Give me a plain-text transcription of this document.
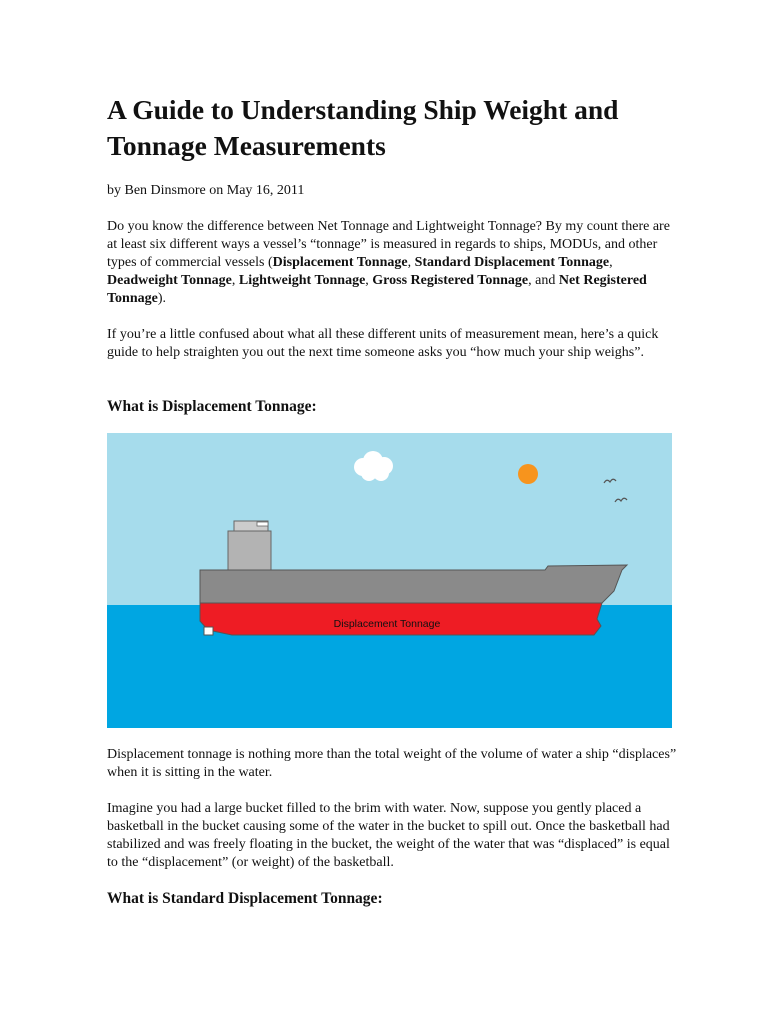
A Guide to Understanding Ship Weight and Tonnage Measurements
by Ben Dinsmore on May 16, 2011

Do you know the difference between Net Tonnage and Lightweight Tonnage? By my count there are at least six different ways a vessel’s “tonnage” is measured in regards to ships, MODUs, and other types of commercial vessels (Displacement Tonnage, Standard Displacement Tonnage, Deadweight Tonnage, Lightweight Tonnage, Gross Registered Tonnage, and Net Registered Tonnage).

If you’re a little confused about what all these different units of measurement mean, here’s a quick guide to help straighten you out the next time someone asks you “how much your ship weighs”.

What is Displacement Tonnage:
Displacement Tonnage

Displacement tonnage is nothing more than the total weight of the volume of water a ship “displaces” when it is sitting in the water.

Imagine you had a large bucket filled to the brim with water. Now, suppose you gently placed a basketball in the bucket causing some of the water in the bucket to spill out. Once the basketball had stabilized and was freely floating in the bucket, the weight of the water that was “displaced” is equal to the “displacement” (or weight) of the basketball.

What is Standard Displacement Tonnage:
